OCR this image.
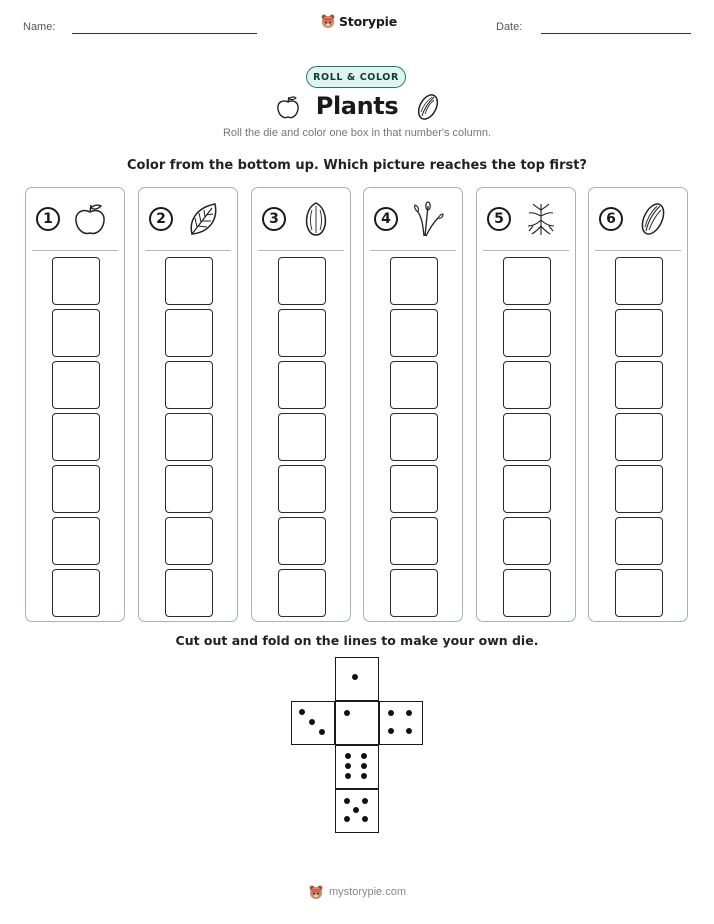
Name:	Date:
Storypie
ROLL & COLOR
Plants
Roll the die and color one box in that number's column.
Color from the bottom up. Which picture reaches the top first?
1	2	3	4	5	6
Cut out and fold on the lines to make your own die.
mystorypie.com
